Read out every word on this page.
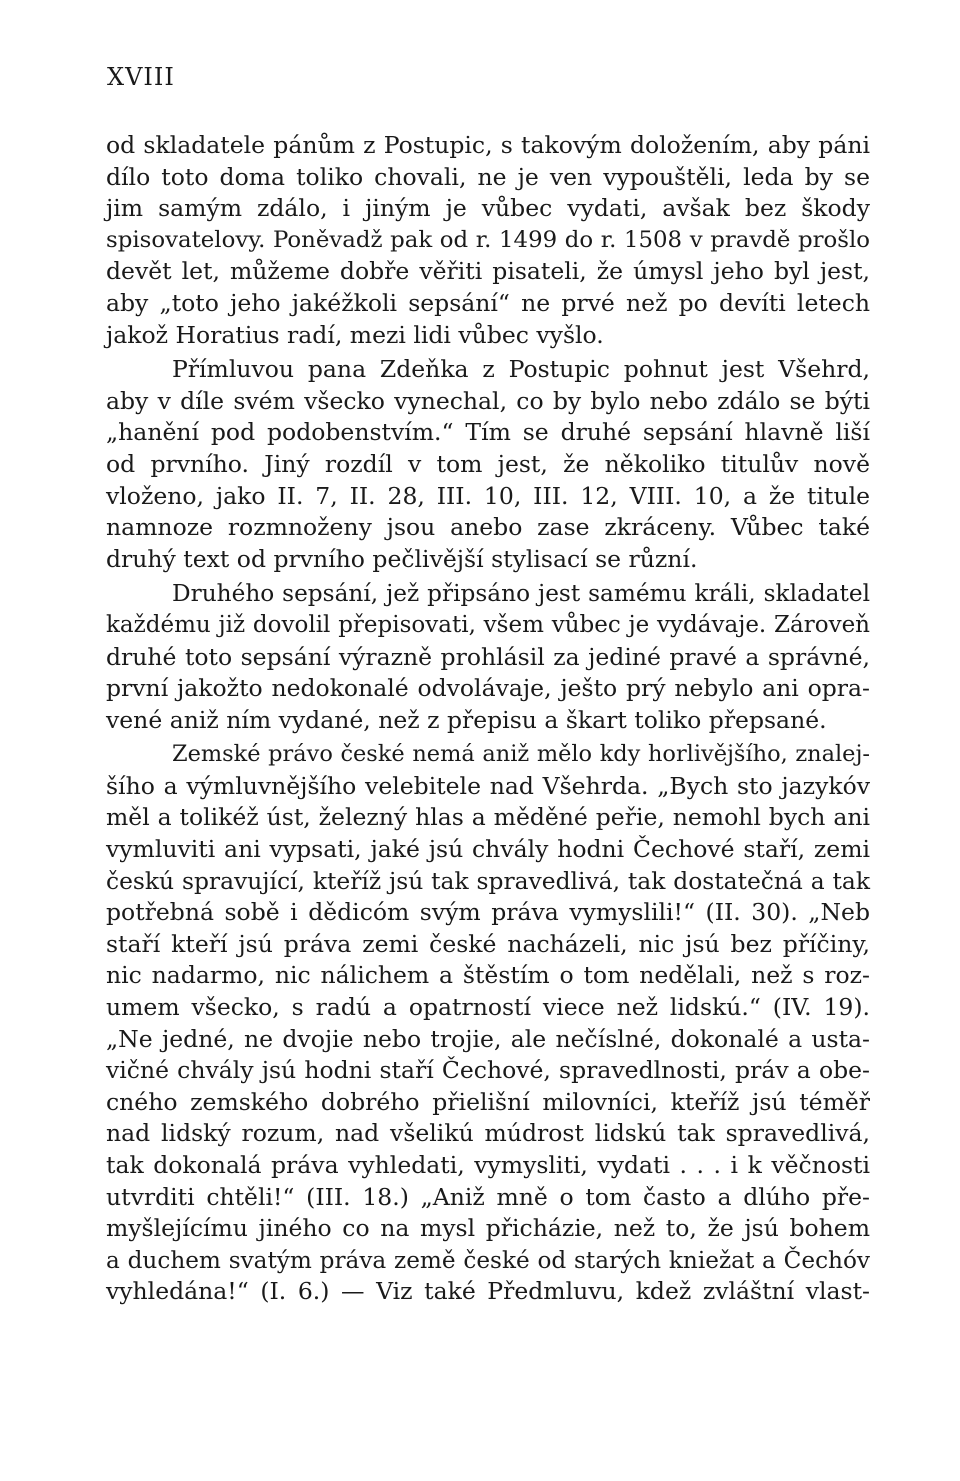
XVIII
od skladatele pánům z Postupic, s takovým doložením, aby páni
dílo toto doma toliko chovali, ne je ven vypouštěli, leda by se
jim samým zdálo, i jiným je vůbec vydati, avšak bez škody
spisovatelovy. Poněvadž pak od r. 1499 do r. 1508 v pravdě prošlo
devět let, můžeme dobře věřiti pisateli, že úmysl jeho byl jest,
aby „toto jeho jakéžkoli sepsání“ ne prvé než po devíti letech
jakož Horatius radí, mezi lidi vůbec vyšlo.
Přímluvou pana Zdeňka z Postupic pohnut jest Všehrd,
aby v díle svém všecko vynechal, co by bylo nebo zdálo se býti
„hanění pod podobenstvím.“ Tím se druhé sepsání hlavně liší
od prvního. Jiný rozdíl v tom jest, že několiko titulův nově
vloženo, jako II. 7, II. 28, III. 10, III. 12, VIII. 10, a že titule
namnoze rozmnoženy jsou anebo zase zkráceny. Vůbec také
druhý text od prvního pečlivější stylisací se různí.
Druhého sepsání, jež připsáno jest samému králi, skladatel
každému již dovolil přepisovati, všem vůbec je vydávaje. Zároveň
druhé toto sepsání výrazně prohlásil za jediné pravé a správné,
první jakožto nedokonalé odvolávaje, ješto prý nebylo ani opra-
vené aniž ním vydané, než z přepisu a škart toliko přepsané.
Zemské právo české nemá aniž mělo kdy horlivějšího, znalej-
šího a výmluvnějšího velebitele nad Všehrda. „Bych sto jazykóv
měl a tolikéž úst, železný hlas a měděné peřie, nemohl bych ani
vymluviti ani vypsati, jaké jsú chvály hodni Čechové staří, zemi
českú spravující, kteříž jsú tak spravedlivá, tak dostatečná a tak
potřebná sobě i dědicóm svým práva vymyslili!“ (II. 30). „Neb
staří kteří jsú práva zemi české nacházeli, nic jsú bez příčiny,
nic nadarmo, nic nálichem a štěstím o tom nedělali, než s roz-
umem všecko, s radú a opatrností viece než lidskú.“ (IV. 19).
„Ne jedné, ne dvojie nebo trojie, ale nečíslné, dokonalé a usta-
vičné chvály jsú hodni staří Čechové, spravedlnosti, práv a obe-
cného zemského dobrého přielišní milovníci, kteříž jsú téměř
nad lidský rozum, nad všelikú múdrost lidskú tak spravedlivá,
tak dokonalá práva vyhledati, vymysliti, vydati . . . i k věčnosti
utvrditi chtěli!“ (III. 18.) „Aniž mně o tom často a dlúho pře-
myšlejícímu jiného co na mysl přicházie, než to, že jsú bohem
a duchem svatým práva země české od starých kniežat a Čechóv
vyhledána!“ (I. 6.) — Viz také Předmluvu, kdež zvláštní vlast-
